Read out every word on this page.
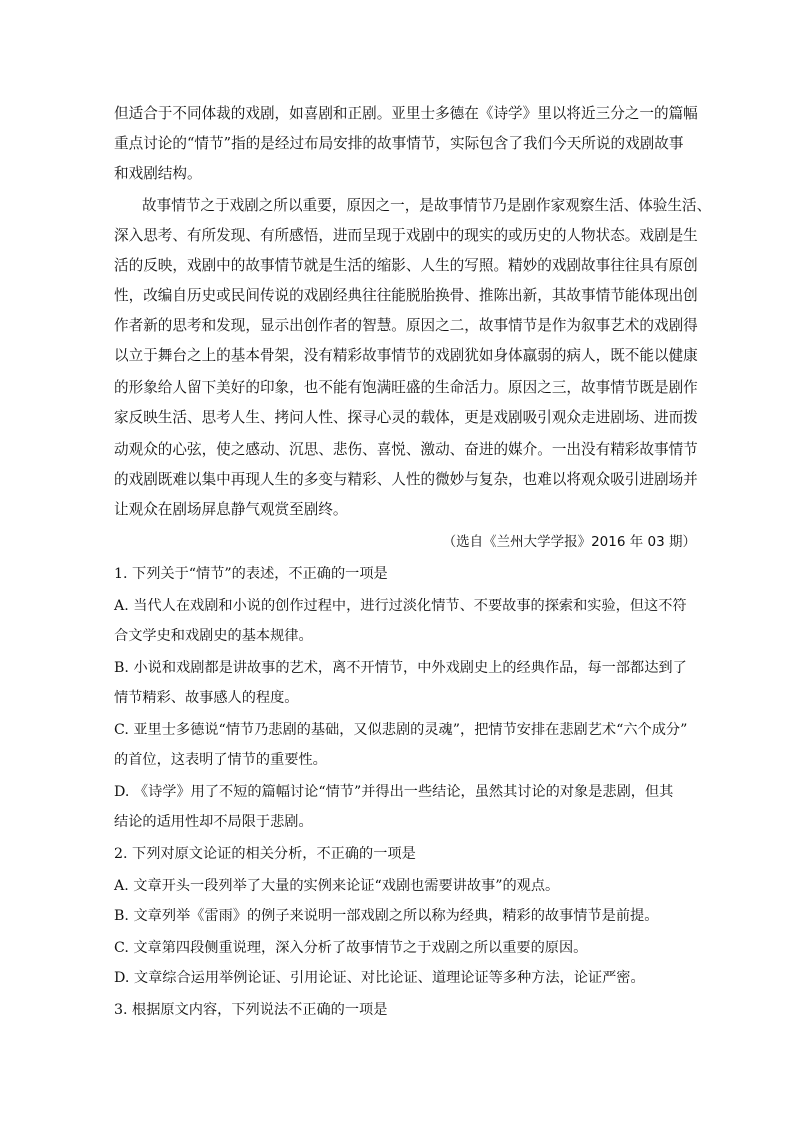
但适合于不同体裁的戏剧，如喜剧和正剧。亚里士多德在《诗学》里以将近三分之一的篇幅
重点讨论的“情节”指的是经过布局安排的故事情节，实际包含了我们今天所说的戏剧故事
和戏剧结构。
故事情节之于戏剧之所以重要，原因之一，是故事情节乃是剧作家观察生活、体验生活、
深入思考、有所发现、有所感悟，进而呈现于戏剧中的现实的或历史的人物状态。戏剧是生
活的反映，戏剧中的故事情节就是生活的缩影、人生的写照。精妙的戏剧故事往往具有原创
性，改编自历史或民间传说的戏剧经典往往能脱胎换骨、推陈出新，其故事情节能体现出创
作者新的思考和发现，显示出创作者的智慧。原因之二，故事情节是作为叙事艺术的戏剧得
以立于舞台之上的基本骨架，没有精彩故事情节的戏剧犹如身体羸弱的病人，既不能以健康
的形象给人留下美好的印象，也不能有饱满旺盛的生命活力。原因之三，故事情节既是剧作
家反映生活、思考人生、拷问人性、探寻心灵的载体，更是戏剧吸引观众走进剧场、进而拨
动观众的心弦，使之感动、沉思、悲伤、喜悦、激动、奋进的媒介。一出没有精彩故事情节
的戏剧既难以集中再现人生的多变与精彩、人性的微妙与复杂，也难以将观众吸引进剧场并
让观众在剧场屏息静气观赏至剧终。
（选自《兰州大学学报》2016 年 03 期）
1. 下列关于“情节”的表述，不正确的一项是
A. 当代人在戏剧和小说的创作过程中，进行过淡化情节、不要故事的探索和实验，但这不符
合文学史和戏剧史的基本规律。
B. 小说和戏剧都是讲故事的艺术，离不开情节，中外戏剧史上的经典作品，每一部都达到了
情节精彩、故事感人的程度。
C. 亚里士多德说“情节乃悲剧的基础，又似悲剧的灵魂”，把情节安排在悲剧艺术“六个成分”
的首位，这表明了情节的重要性。
D. 《诗学》用了不短的篇幅讨论“情节”并得出一些结论，虽然其讨论的对象是悲剧，但其
结论的适用性却不局限于悲剧。
2. 下列对原文论证的相关分析，不正确的一项是
A. 文章开头一段列举了大量的实例来论证“戏剧也需要讲故事”的观点。
B. 文章列举《雷雨》的例子来说明一部戏剧之所以称为经典，精彩的故事情节是前提。
C. 文章第四段侧重说理，深入分析了故事情节之于戏剧之所以重要的原因。
D. 文章综合运用举例论证、引用论证、对比论证、道理论证等多种方法，论证严密。
3. 根据原文内容，下列说法不正确的一项是
